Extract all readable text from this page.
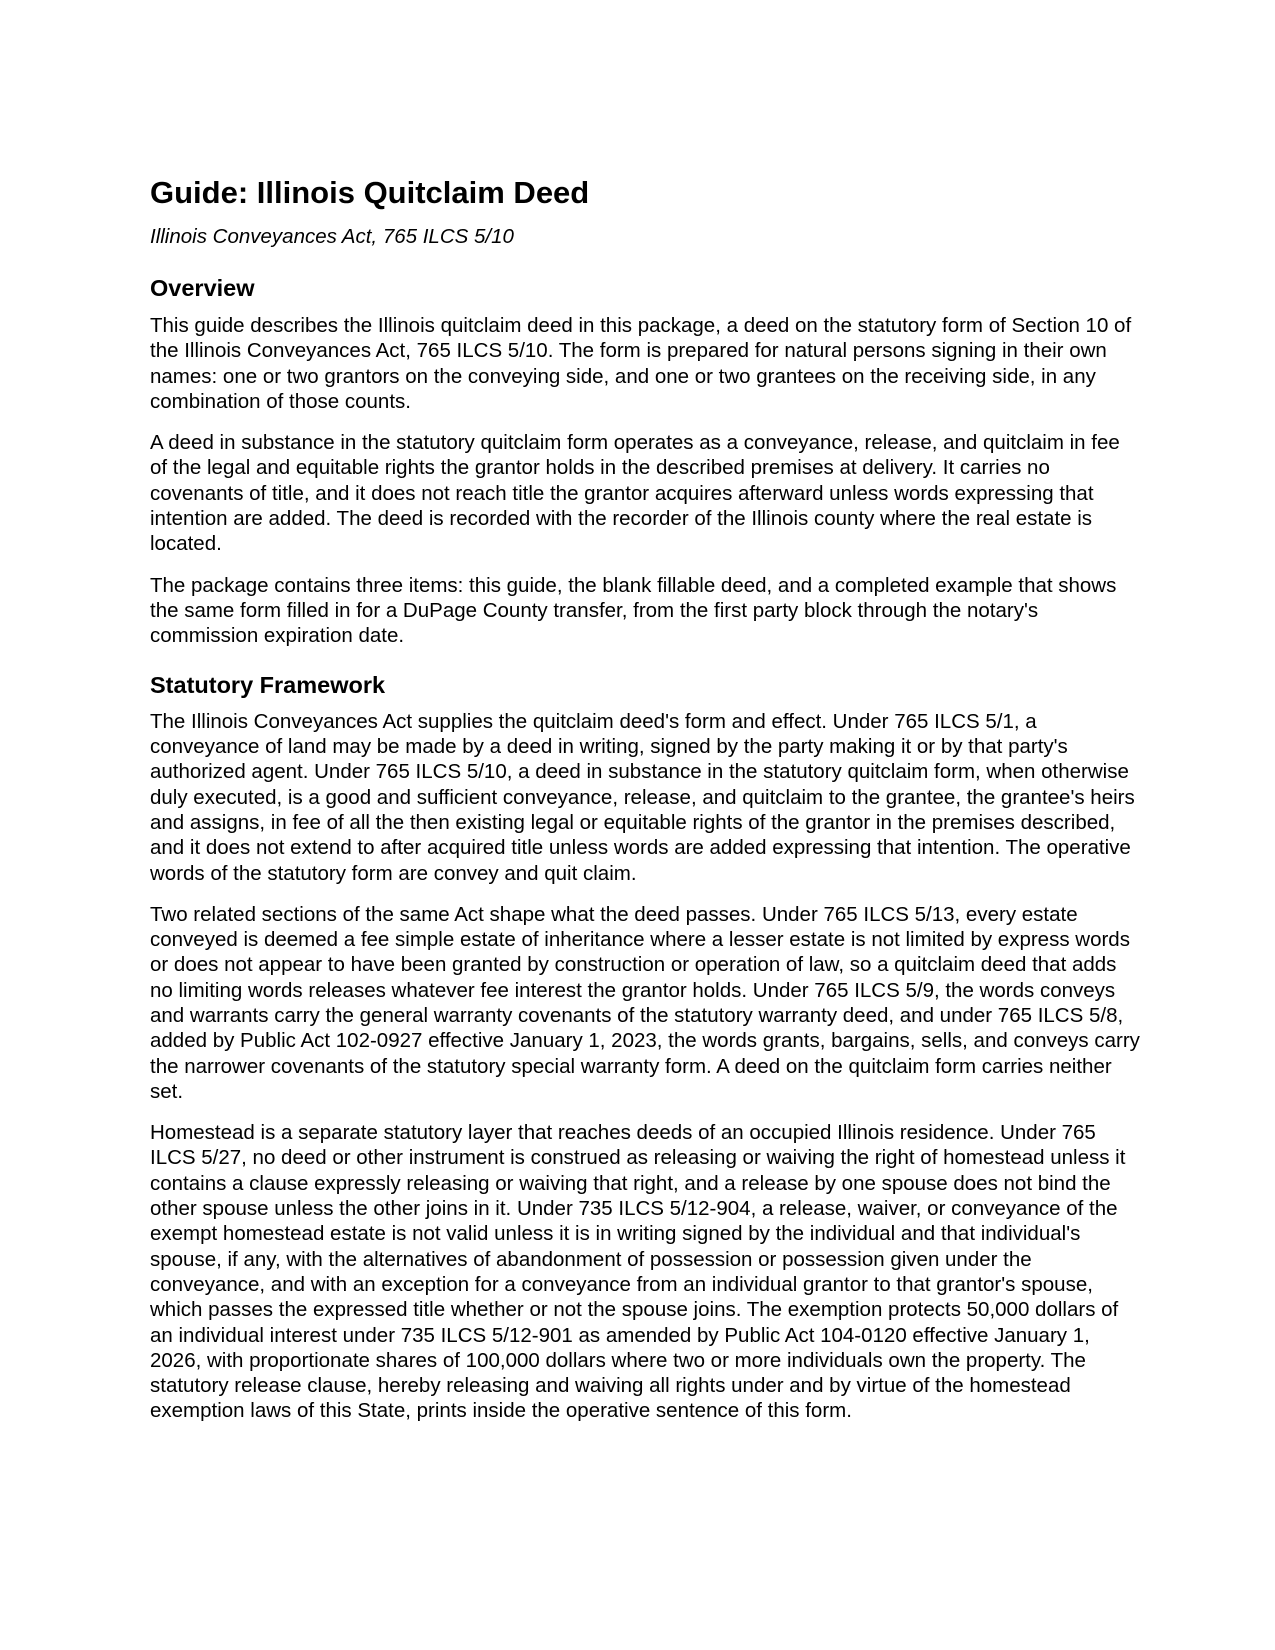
Guide: Illinois Quitclaim Deed
Illinois Conveyances Act, 765 ILCS 5/10
Overview

This guide describes the Illinois quitclaim deed in this package, a deed on the statutory form of Section 10 of the Illinois Conveyances Act, 765 ILCS 5/10. The form is prepared for natural persons signing in their own names: one or two grantors on the conveying side, and one or two grantees on the receiving side, in any combination of those counts.

A deed in substance in the statutory quitclaim form operates as a conveyance, release, and quitclaim in fee of the legal and equitable rights the grantor holds in the described premises at delivery. It carries no covenants of title, and it does not reach title the grantor acquires afterward unless words expressing that intention are added. The deed is recorded with the recorder of the Illinois county where the real estate is located.

The package contains three items: this guide, the blank fillable deed, and a completed example that shows the same form filled in for a DuPage County transfer, from the first party block through the notary's commission expiration date.

Statutory Framework

The Illinois Conveyances Act supplies the quitclaim deed's form and effect. Under 765 ILCS 5/1, a conveyance of land may be made by a deed in writing, signed by the party making it or by that party's authorized agent. Under 765 ILCS 5/10, a deed in substance in the statutory quitclaim form, when otherwise duly executed, is a good and sufficient conveyance, release, and quitclaim to the grantee, the grantee's heirs and assigns, in fee of all the then existing legal or equitable rights of the grantor in the premises described, and it does not extend to after acquired title unless words are added expressing that intention. The operative words of the statutory form are convey and quit claim.

Two related sections of the same Act shape what the deed passes. Under 765 ILCS 5/13, every estate conveyed is deemed a fee simple estate of inheritance where a lesser estate is not limited by express words or does not appear to have been granted by construction or operation of law, so a quitclaim deed that adds no limiting words releases whatever fee interest the grantor holds. Under 765 ILCS 5/9, the words conveys and warrants carry the general warranty covenants of the statutory warranty deed, and under 765 ILCS 5/8, added by Public Act 102-0927 effective January 1, 2023, the words grants, bargains, sells, and conveys carry the narrower covenants of the statutory special warranty form. A deed on the quitclaim form carries neither set.

Homestead is a separate statutory layer that reaches deeds of an occupied Illinois residence. Under 765 ILCS 5/27, no deed or other instrument is construed as releasing or waiving the right of homestead unless it contains a clause expressly releasing or waiving that right, and a release by one spouse does not bind the other spouse unless the other joins in it. Under 735 ILCS 5/12-904, a release, waiver, or conveyance of the exempt homestead estate is not valid unless it is in writing signed by the individual and that individual's spouse, if any, with the alternatives of abandonment of possession or possession given under the conveyance, and with an exception for a conveyance from an individual grantor to that grantor's spouse, which passes the expressed title whether or not the spouse joins. The exemption protects 50,000 dollars of an individual interest under 735 ILCS 5/12-901 as amended by Public Act 104-0120 effective January 1, 2026, with proportionate shares of 100,000 dollars where two or more individuals own the property. The statutory release clause, hereby releasing and waiving all rights under and by virtue of the homestead exemption laws of this State, prints inside the operative sentence of this form.
